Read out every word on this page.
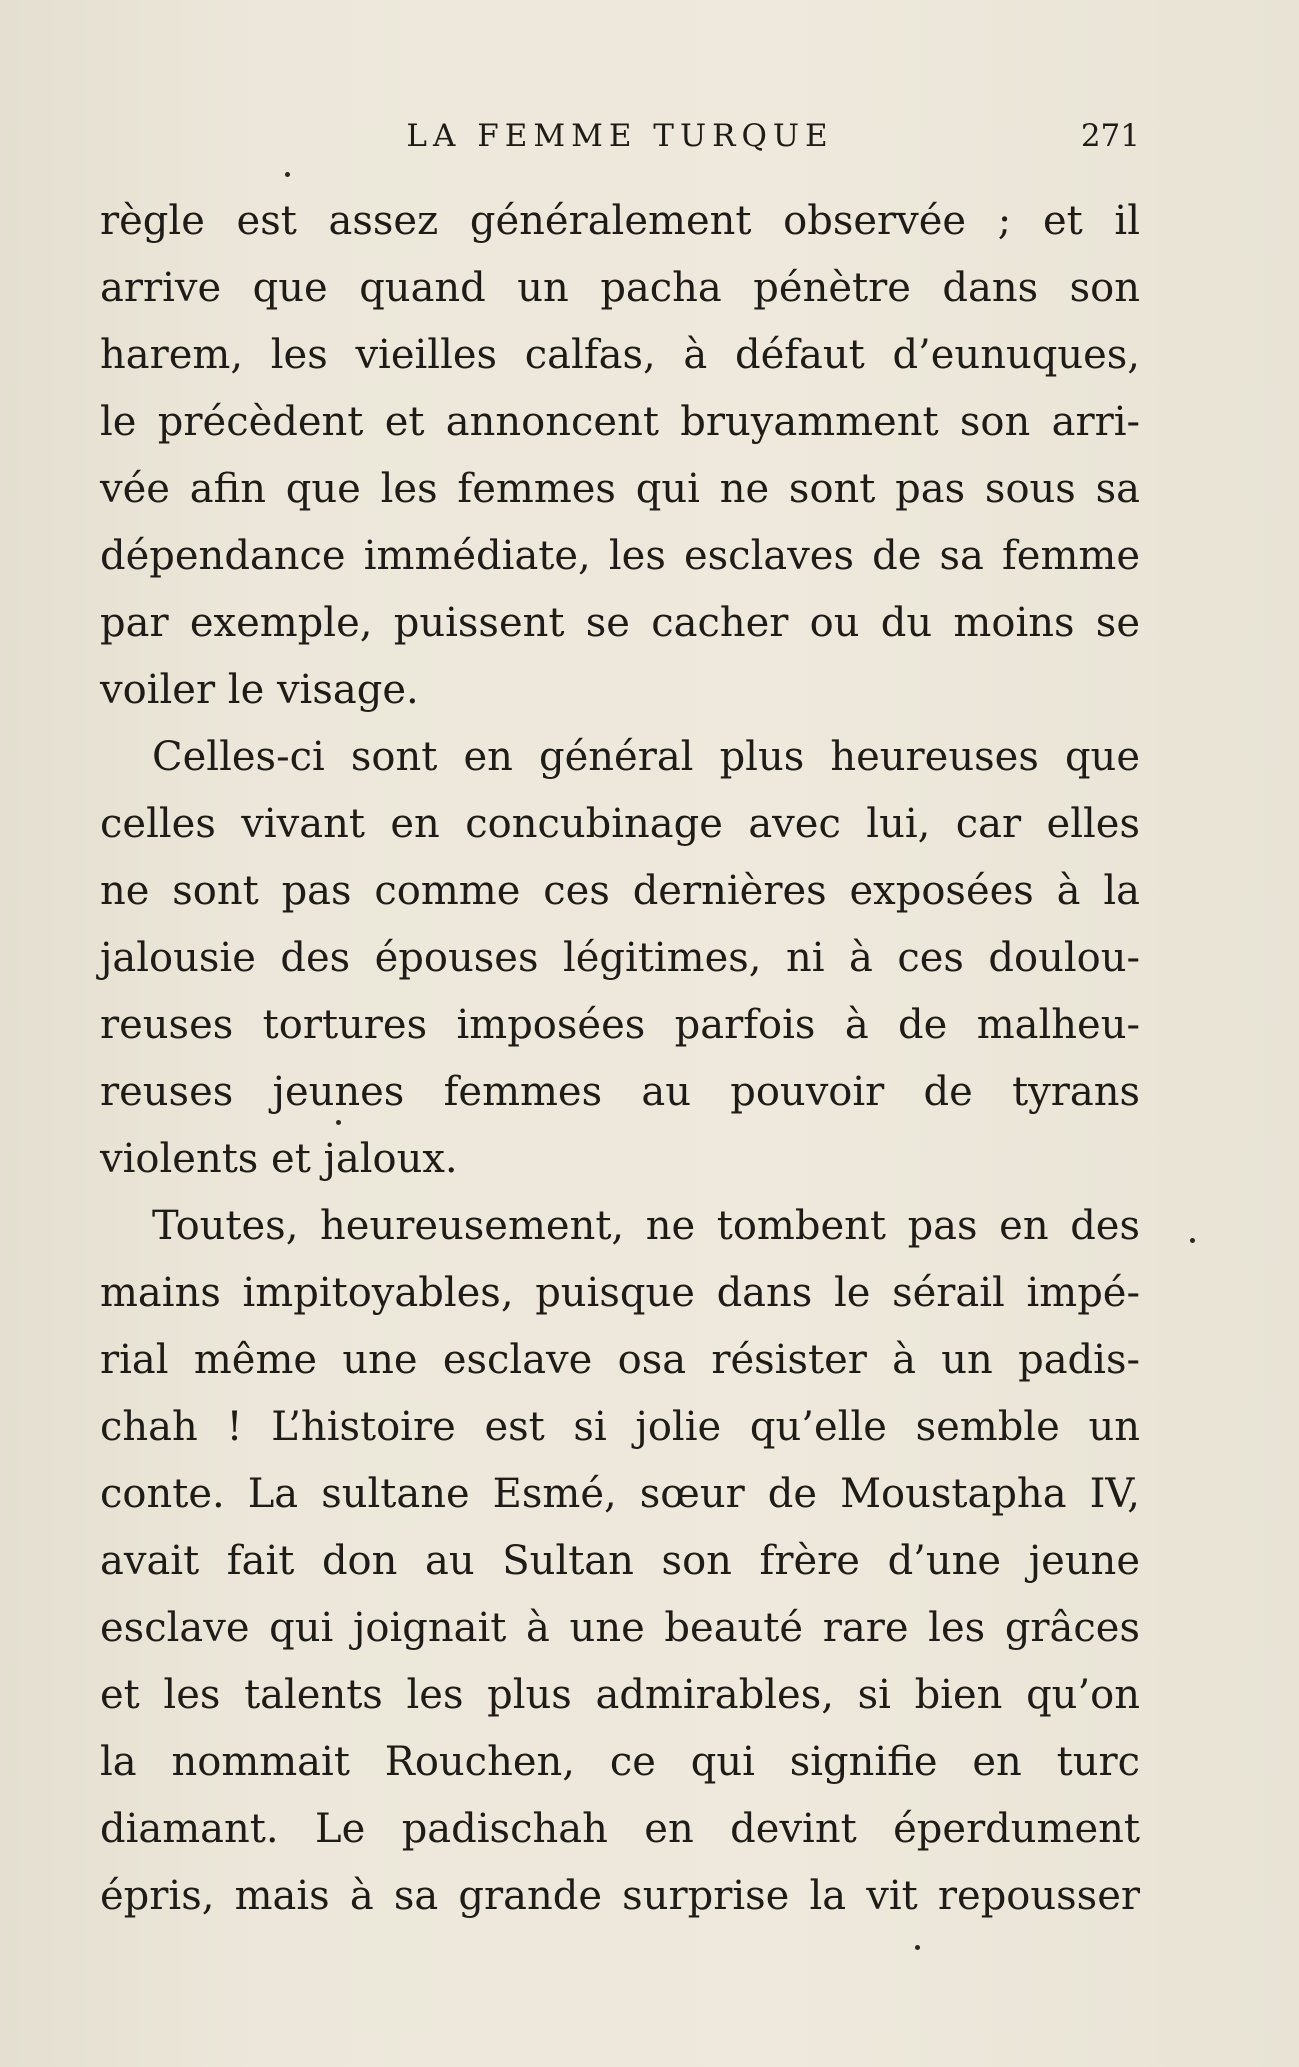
LA FEMME TURQUE	271
règle est assez généralement observée ; et il
arrive que quand un pacha pénètre dans son
harem, les vieilles calfas, à défaut d’eunuques,
le précèdent et annoncent bruyamment son arri-
vée afin que les femmes qui ne sont pas sous sa
dépendance immédiate, les esclaves de sa femme
par exemple, puissent se cacher ou du moins se
voiler le visage.
Celles-ci sont en général plus heureuses que
celles vivant en concubinage avec lui, car elles
ne sont pas comme ces dernières exposées à la
jalousie des épouses légitimes, ni à ces doulou-
reuses tortures imposées parfois à de malheu-
reuses jeunes femmes au pouvoir de tyrans
violents et jaloux.
Toutes, heureusement, ne tombent pas en des
mains impitoyables, puisque dans le sérail impé-
rial même une esclave osa résister à un padis-
chah ! L’histoire est si jolie qu’elle semble un
conte. La sultane Esmé, sœur de Moustapha IV,
avait fait don au Sultan son frère d’une jeune
esclave qui joignait à une beauté rare les grâces
et les talents les plus admirables, si bien qu’on
la nommait Rouchen, ce qui signifie en turc
diamant. Le padischah en devint éperdument
épris, mais à sa grande surprise la vit repousser
